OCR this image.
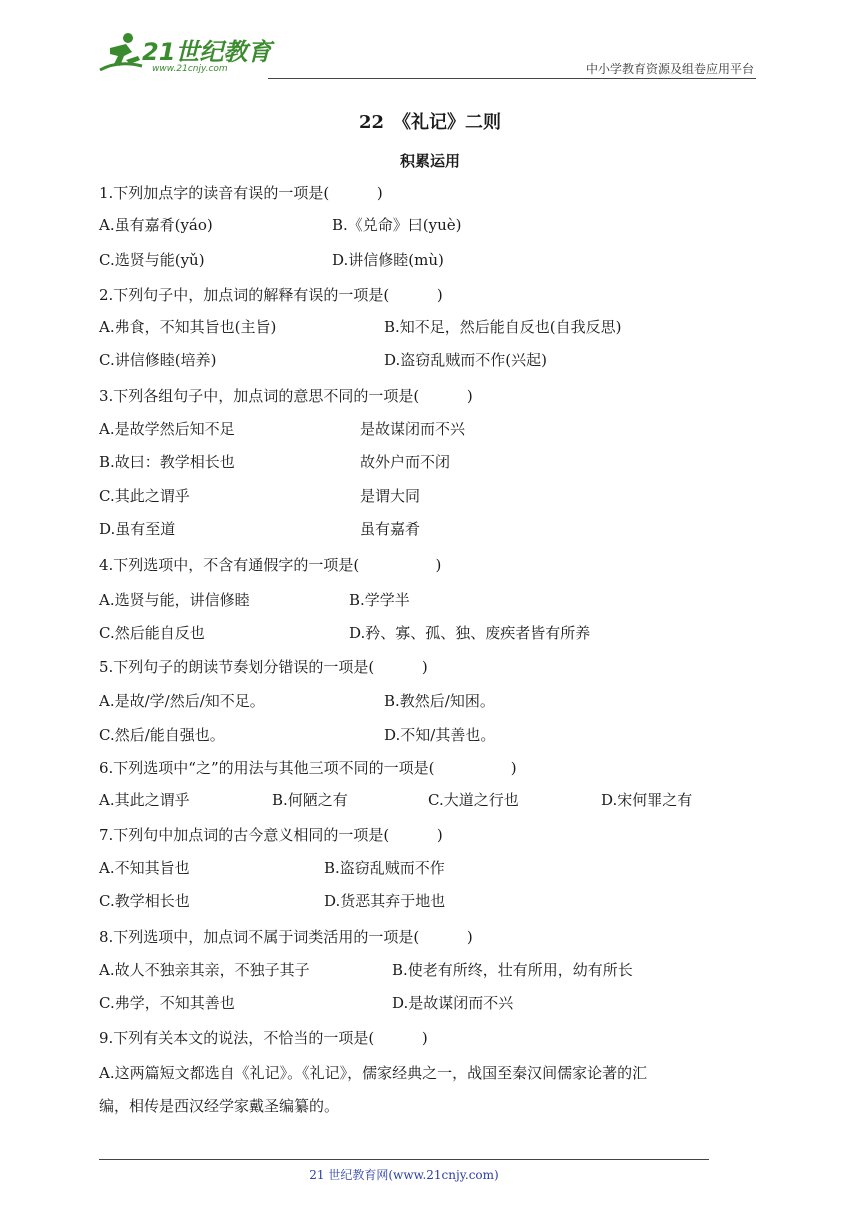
21世纪教育
www.21cnjy.com	中小学教育资源及组卷应用平台
22　《礼记》二则
积累运用
1.下列加点字的读音有误的一项是(          )
A.虽有嘉肴(yáo)	B.《兑命》曰(yuè)
C.选贤与能(yǔ)	D.讲信修睦(mù)
2.下列句子中，加点词的解释有误的一项是(          )
A.弗食，不知其旨也(主旨)	B.知不足，然后能自反也(自我反思)
C.讲信修睦(培养)	D.盗窃乱贼而不作(兴起)
3.下列各组句子中，加点词的意思不同的一项是(          )
A.是故学然后知不足	是故谋闭而不兴
B.故曰：教学相长也	故外户而不闭
C.其此之谓乎	是谓大同
D.虽有至道	虽有嘉肴
4.下列选项中，不含有通假字的一项是(                )
A.选贤与能，讲信修睦	B.学学半
C.然后能自反也	D.矜、寡、孤、独、废疾者皆有所养
5.下列句子的朗读节奏划分错误的一项是(          )
A.是故/学/然后/知不足。	B.教然后/知困。
C.然后/能自强也。	D.不知/其善也。
6.下列选项中“之”的用法与其他三项不同的一项是(                )
A.其此之谓乎	B.何陋之有	C.大道之行也	D.宋何罪之有
7.下列句中加点词的古今意义相同的一项是(          )
A.不知其旨也	B.盗窃乱贼而不作
C.教学相长也	D.货恶其弃于地也
8.下列选项中，加点词不属于词类活用的一项是(          )
A.故人不独亲其亲，不独子其子	B.使老有所终，壮有所用，幼有所长
C.弗学，不知其善也	D.是故谋闭而不兴
9.下列有关本文的说法，不恰当的一项是(          )
A.这两篇短文都选自《礼记》。《礼记》，儒家经典之一，战国至秦汉间儒家论著的汇
编，相传是西汉经学家戴圣编纂的。
21 世纪教育网(www.21cnjy.com)
